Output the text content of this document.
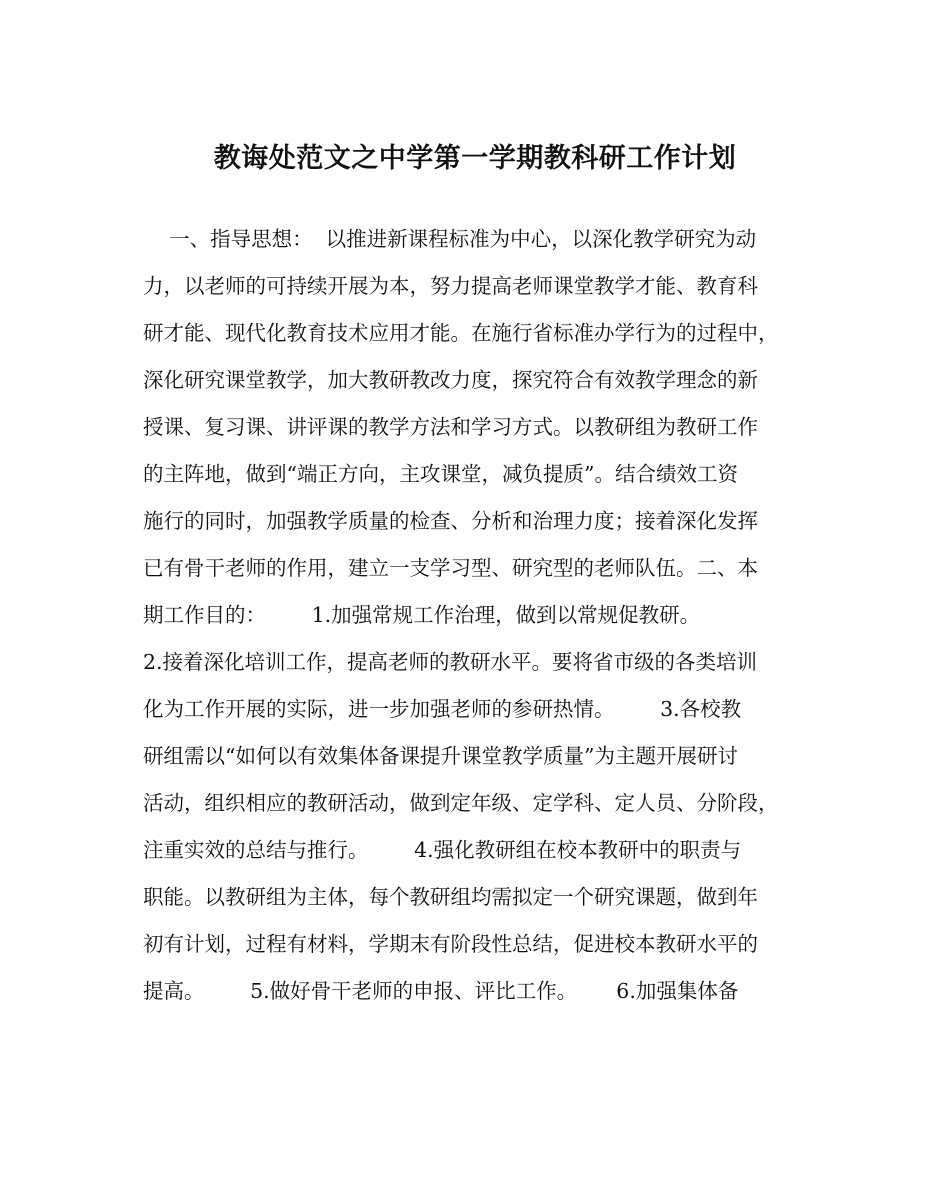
教诲处范文之中学第一学期教科研工作计划
一、指导思想：  以推进新课程标准为中心，以深化教学研究为动
力，以老师的可持续开展为本，努力提高老师课堂教学才能、教育科
研才能、现代化教育技术应用才能。在施行省标准办学行为的过程中，
深化研究课堂教学，加大教研教改力度，探究符合有效教学理念的新
授课、复习课、讲评课的教学方法和学习方式。以教研组为教研工作
的主阵地，做到“端正方向，主攻课堂，减负提质”。结合绩效工资
施行的同时，加强教学质量的检查、分析和治理力度；接着深化发挥
已有骨干老师的作用，建立一支学习型、研究型的老师队伍。二、本
期工作目的：       1.加强常规工作治理，做到以常规促教研。
2.接着深化培训工作，提高老师的教研水平。要将省市级的各类培训
化为工作开展的实际，进一步加强老师的参研热情。       3.各校教
研组需以“如何以有效集体备课提升课堂教学质量”为主题开展研讨
活动，组织相应的教研活动，做到定年级、定学科、定人员、分阶段，
注重实效的总结与推行。       4.强化教研组在校本教研中的职责与
职能。以教研组为主体，每个教研组均需拟定一个研究课题，做到年
初有计划，过程有材料，学期末有阶段性总结，促进校本教研水平的
提高。       5.做好骨干老师的申报、评比工作。      6.加强集体备
